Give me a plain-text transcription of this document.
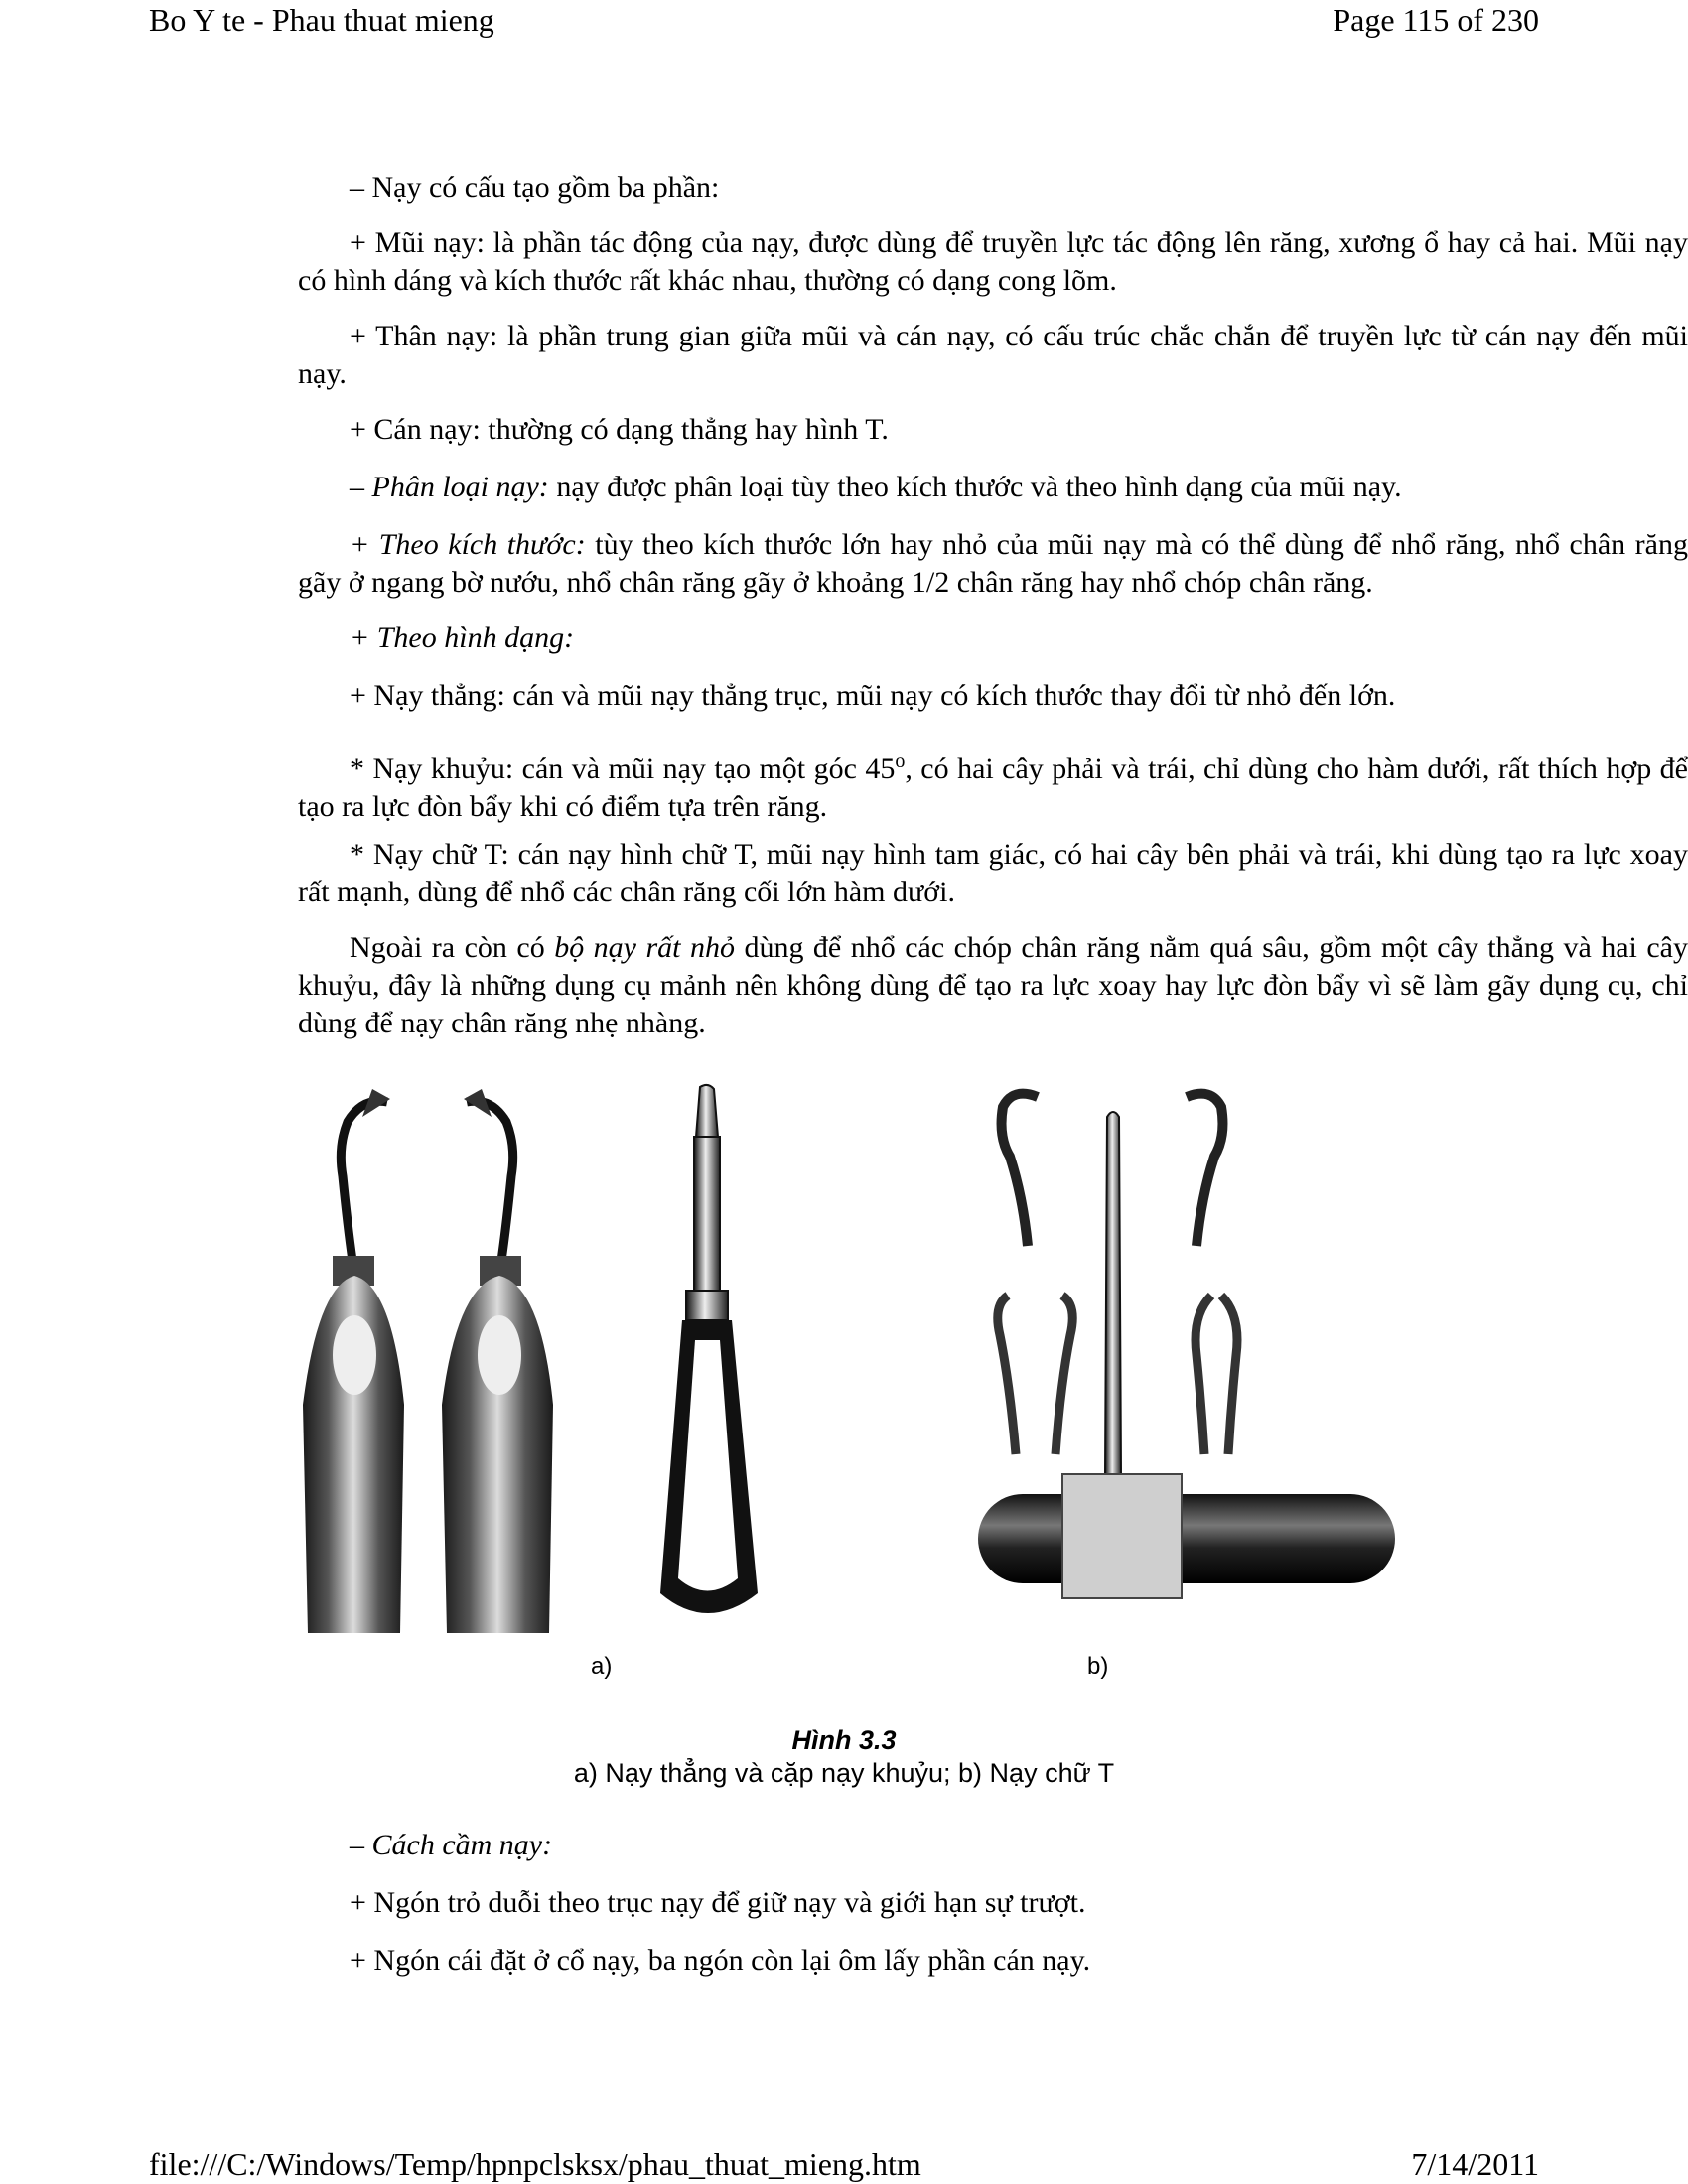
Bo Y te - Phau thuat mieng	Page 115 of 230

– Nạy có cấu tạo gồm ba phần:

+ Mũi nạy: là phần tác động của nạy, được dùng để truyền lực tác động lên răng, xương ổ hay cả hai. Mũi nạy có hình dáng và kích thước rất khác nhau, thường có dạng cong lõm.

+ Thân nạy: là phần trung gian giữa mũi và cán nạy, có cấu trúc chắc chắn để truyền lực từ cán nạy đến mũi nạy.

+ Cán nạy: thường có dạng thẳng hay hình T.

– Phân loại nạy: nạy được phân loại tùy theo kích thước và theo hình dạng của mũi nạy.

+ Theo kích thước: tùy theo kích thước lớn hay nhỏ của mũi nạy mà có thể dùng để nhổ răng, nhổ chân răng gãy ở ngang bờ nướu, nhổ chân răng gãy ở khoảng 1/2 chân răng hay nhổ chóp chân răng.

+ Theo hình dạng:

+ Nạy thẳng: cán và mũi nạy thẳng trục, mũi nạy có kích thước thay đổi từ nhỏ đến lớn.

* Nạy khuỷu: cán và mũi nạy tạo một góc 45$^o$, có hai cây phải và trái, chỉ dùng cho hàm dưới, rất thích hợp để tạo ra lực đòn bẩy khi có điểm tựa trên răng.

* Nạy chữ T: cán nạy hình chữ T, mũi nạy hình tam giác, có hai cây bên phải và trái, khi dùng tạo ra lực xoay rất mạnh, dùng để nhổ các chân răng cối lớn hàm dưới.

Ngoài ra còn có bộ nạy rất nhỏ dùng để nhổ các chóp chân răng nằm quá sâu, gồm một cây thẳng và hai cây khuỷu, đây là những dụng cụ mảnh nên không dùng để tạo ra lực xoay hay lực đòn bẩy vì sẽ làm gãy dụng cụ, chỉ dùng để nạy chân răng nhẹ nhàng.

– Cách cầm nạy:

+ Ngón trỏ duỗi theo trục nạy để giữ nạy và giới hạn sự trượt.

+ Ngón cái đặt ở cổ nạy, ba ngón còn lại ôm lấy phần cán nạy.

a)	b)
Hình 3.3
a) Nạy thẳng và cặp nạy khuỷu; b) Nạy chữ T
file:///C:/Windows/Temp/hpnpclsksx/phau_thuat_mieng.htm	7/14/2011
